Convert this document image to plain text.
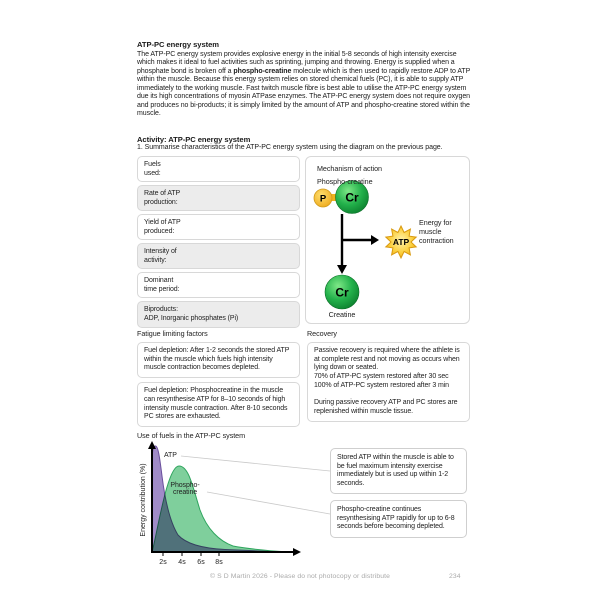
ATP-PC energy system
The ATP-PC energy system provides explosive energy in the initial 5-8 seconds of high intensity exercise which makes it ideal to fuel activities such as sprinting, jumping and throwing. Energy is supplied when a phosphate bond is broken off a phospho-creatine molecule which is then used to rapidly restore ADP to ATP within the muscle. Because this energy system relies on stored chemical fuels (PC), it is able to supply ATP immediately to the working muscle. Fast twitch muscle fibre is best able to utilise the ATP-PC energy system due its high concentrations of myosin ATPase enzymes. The ATP-PC energy system does not require oxygen and produces no bi-products; it is simply limited by the amount of ATP and phospho-creatine stored within the muscle.
Activity: ATP-PC energy system
1. Summarise characteristics of the ATP-PC energy system using the diagram on the previous page.
Fuels
used:
Rate of ATP
production:
Yield of ATP
produced:
Intensity of
activity:
Dominant
time period:
Biproducts:
ADP, Inorganic phosphates (Pi)
P Cr
ATP
Cr
Mechanism of action
Phospho-creatine
Energy for
muscle
contraction
Creatine
Fatigue limiting factors
Fuel depletion: After 1-2 seconds the stored ATP within the muscle which fuels high intensity muscle contraction becomes depleted.
Fuel depletion: Phosphocreatine in the muscle can resynthesise ATP for 8–10 seconds of high intensity muscle contraction. After 8-10 seconds PC stores are exhausted.
Recovery
Passive recovery is required where the athlete is at complete rest and not moving as occurs when lying down or seated.
70% of ATP-PC system restored after 30 sec
100% of ATP-PC system restored after 3 min

During passive recovery ATP and PC stores are replenished within muscle tissue.
Use of fuels in the ATP-PC system
2s 4s 6s 8s
Energy contribution (%)
ATP
Phospho-
creatine
Stored ATP within the muscle is able to be fuel maximum intensity exercise immediately but is used up within 1-2 seconds.
Phospho-creatine continues resynthesising ATP rapidly for up to 6-8 seconds before becoming depleted.
© S D Martin 2026 - Please do not photocopy or distribute	234
